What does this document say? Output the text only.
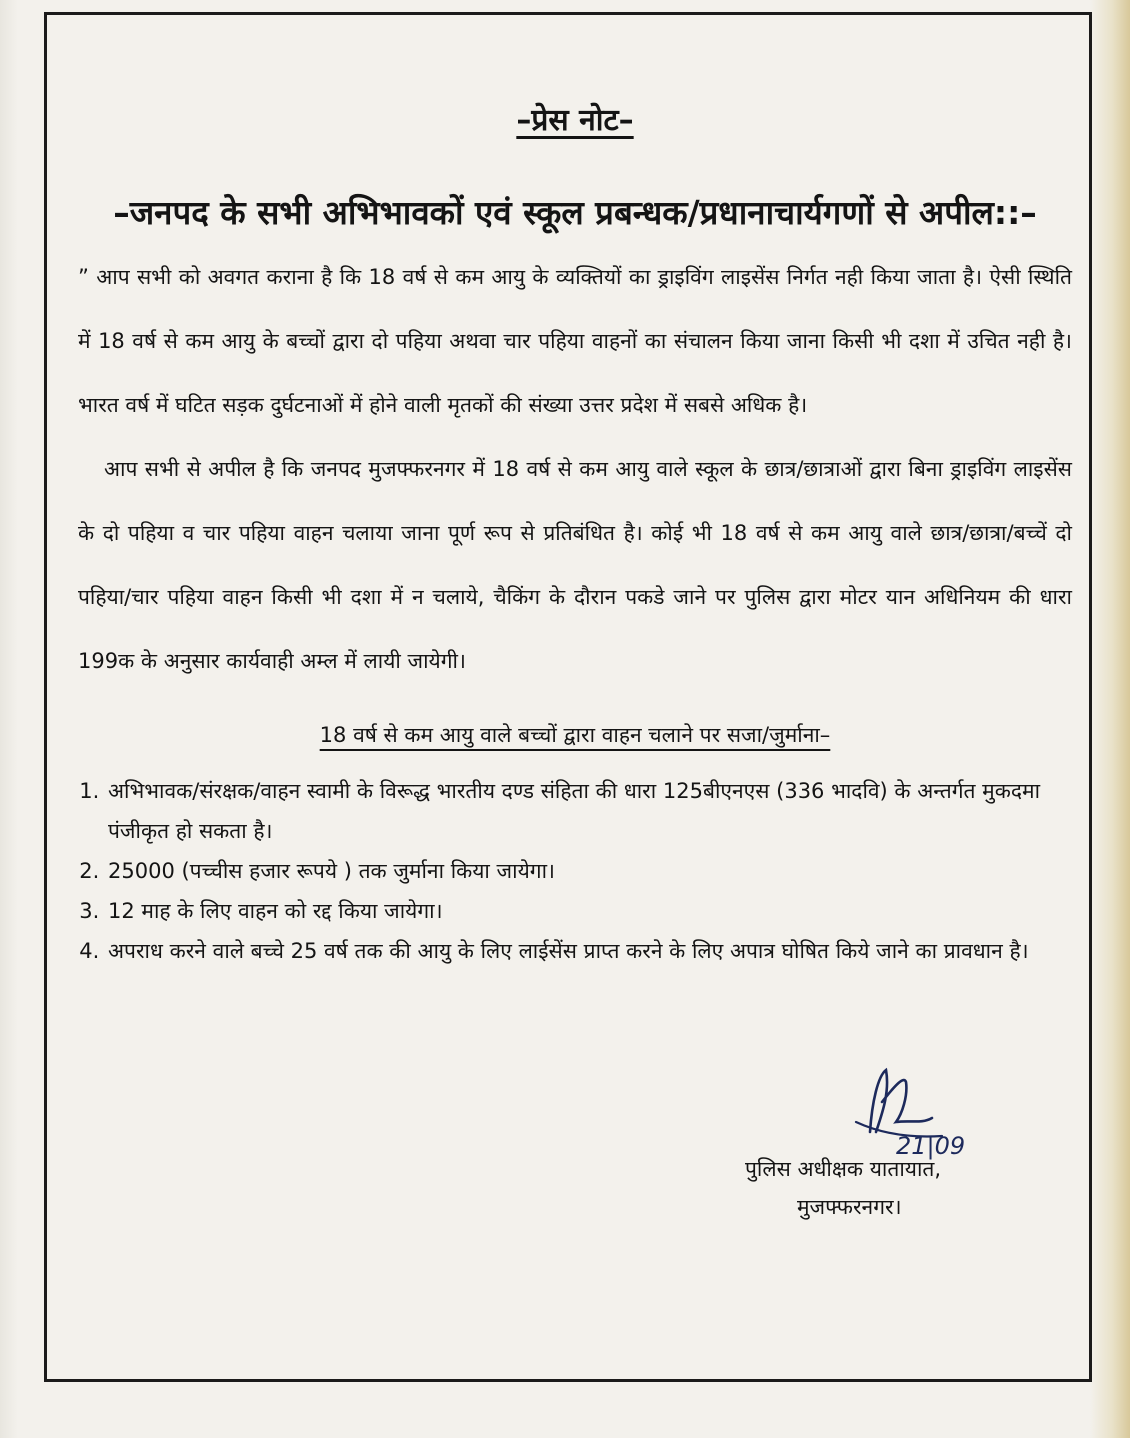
–प्रेस नोट–

–जनपद के सभी अभिभावकों एवं स्कूल प्रबन्धक/प्रधानाचार्यगणों से अपील::–

” आप सभी को अवगत कराना है कि 18 वर्ष से कम आयु के व्यक्तियों का ड्राइविंग लाइसेंस निर्गत नही किया जाता है। ऐसी स्थिति में 18 वर्ष से कम आयु के बच्चों द्वारा दो पहिया अथवा चार पहिया वाहनों का संचालन किया जाना किसी भी दशा में उचित नही है। भारत वर्ष में घटित सड़क दुर्घटनाओं में होने वाली मृतकों की संख्या उत्तर प्रदेश में सबसे अधिक है।

आप सभी से अपील है कि जनपद मुजफ्फरनगर में 18 वर्ष से कम आयु वाले स्कूल के छात्र/छात्राओं द्वारा बिना ड्राइविंग लाइसेंस के दो पहिया व चार पहिया वाहन चलाया जाना पूर्ण रूप से प्रतिबंधित है। कोई भी 18 वर्ष से कम आयु वाले छात्र/छात्रा/बच्चें दो पहिया/चार पहिया वाहन किसी भी दशा में न चलाये, चैकिंग के दौरान पकडे जाने पर पुलिस द्वारा मोटर यान अधिनियम की धारा 199क के अनुसार कार्यवाही अम्ल में लायी जायेगी।

18 वर्ष से कम आयु वाले बच्चों द्वारा वाहन चलाने पर सजा/जुर्माना–

1. अभिभावक/संरक्षक/वाहन स्वामी के विरूद्ध भारतीय दण्ड संहिता की धारा 125बीएनएस (336 भादवि) के अन्तर्गत मुकदमा पंजीकृत हो सकता है।
2. 25000 (पच्चीस हजार रूपये ) तक जुर्माना किया जायेगा।
3. 12 माह के लिए वाहन को रद्द किया जायेगा।
4. अपराध करने वाले बच्चे 25 वर्ष तक की आयु के लिए लाईसेंस प्राप्त करने के लिए अपात्र घोषित किये जाने का प्रावधान है।
21|09
पुलिस अधीक्षक यातायात,
मुजफ्फरनगर।
